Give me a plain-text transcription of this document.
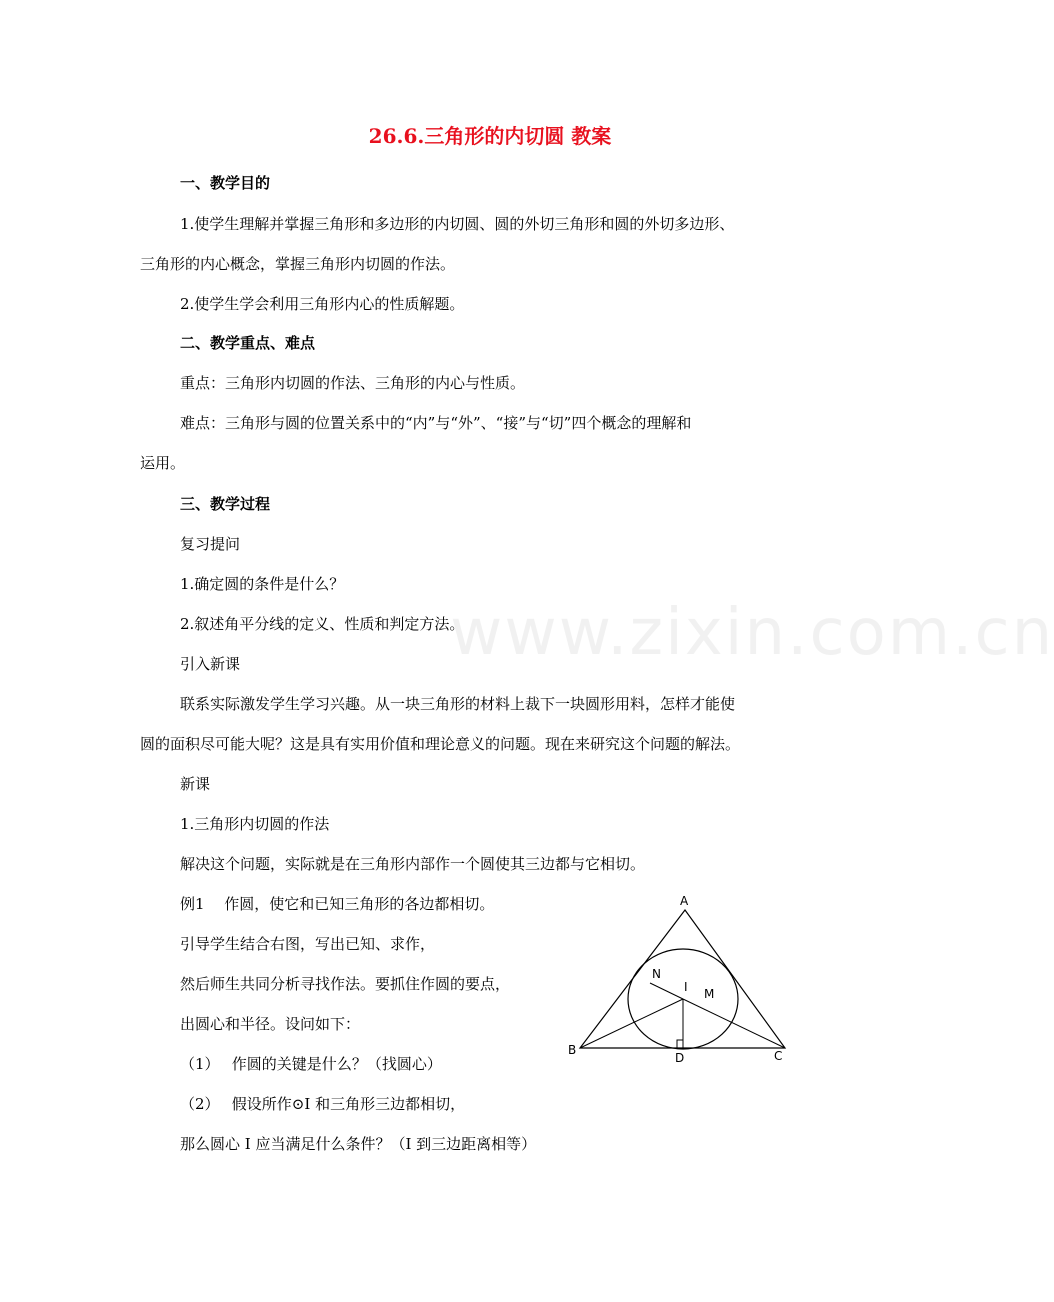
www.zixin.com.cn
26.6.三角形的内切圆 教案
一、教学目的
1.使学生理解并掌握三角形和多边形的内切圆、圆的外切三角形和圆的外切多边形、
三角形的内心概念，掌握三角形内切圆的作法。
2.使学生学会利用三角形内心的性质解题。
二、教学重点、难点
重点：三角形内切圆的作法、三角形的内心与性质。
难点：三角形与圆的位置关系中的“内”与“外”、“接”与“切”四个概念的理解和
运用。
三、教学过程
复习提问
1.确定圆的条件是什么？
2.叙述角平分线的定义、性质和判定方法。
引入新课
联系实际激发学生学习兴趣。从一块三角形的材料上裁下一块圆形用料，怎样才能使
圆的面积尽可能大呢？这是具有实用价值和理论意义的问题。现在来研究这个问题的解法。
新课
1.三角形内切圆的作法
解决这个问题，实际就是在三角形内部作一个圆使其三边都与它相切。
例1　 作圆，使它和已知三角形的各边都相切。
引导学生结合右图，写出已知、求作，
然后师生共同分析寻找作法。要抓住作圆的要点，
出圆心和半径。设问如下：
（1）　 作圆的关键是什么？（找圆心）
（2）　 假设所作⊙I 和三角形三边都相切，
那么圆心 I 应当满足什么条件？（I 到三边距离相等）
A
B	C
D
I M
N
